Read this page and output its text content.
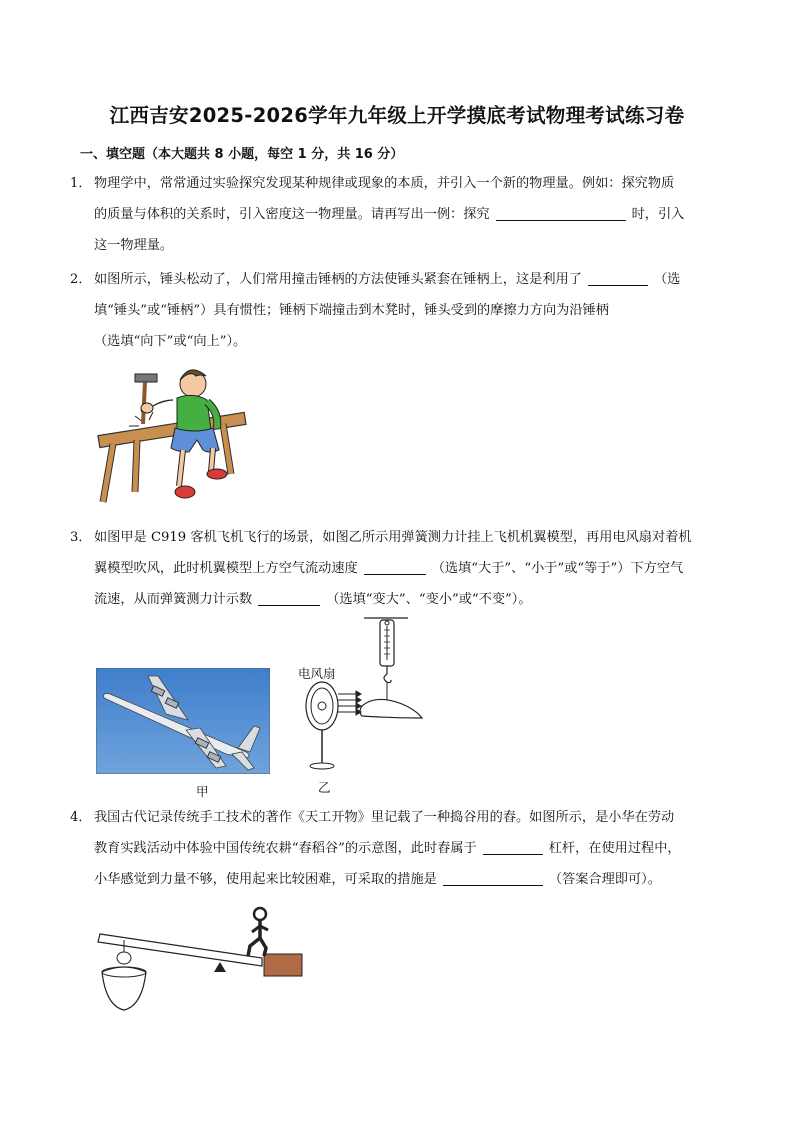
江西吉安2025-2026学年九年级上开学摸底考试物理考试练习卷
一、填空题（本大题共 8 小题，每空 1 分，共 16 分）
1． 物理学中，常常通过实验探究发现某种规律或现象的本质，并引入一个新的物理量。例如：探究物质
的质量与体积的关系时，引入密度这一物理量。请再写出一例：探究	时，引入
这一物理量。
2． 如图所示，锤头松动了，人们常用撞击锤柄的方法使锤头紧套在锤柄上，这是利用了	（选
填“锤头”或“锤柄”）具有惯性；锤柄下端撞击到木凳时，锤头受到的摩擦力方向为沿锤柄
（选填“向下”或“向上”）。
3． 如图甲是 C919 客机飞机飞行的场景，如图乙所示用弹簧测力计挂上飞机机翼模型，再用电风扇对着机
翼模型吹风，此时机翼模型上方空气流动速度	（选填“大于”、“小于”或“等于”）下方空气
流速，从而弹簧测力计示数	（选填“变大”、“变小”或“不变”）。
甲
电风扇
乙
4． 我国古代记录传统手工技术的著作《天工开物》里记载了一种捣谷用的舂。如图所示，是小华在劳动
教育实践活动中体验中国传统农耕“舂稻谷”的示意图，此时舂属于	杠杆，在使用过程中，
小华感觉到力量不够，使用起来比较困难，可采取的措施是	（答案合理即可）。
